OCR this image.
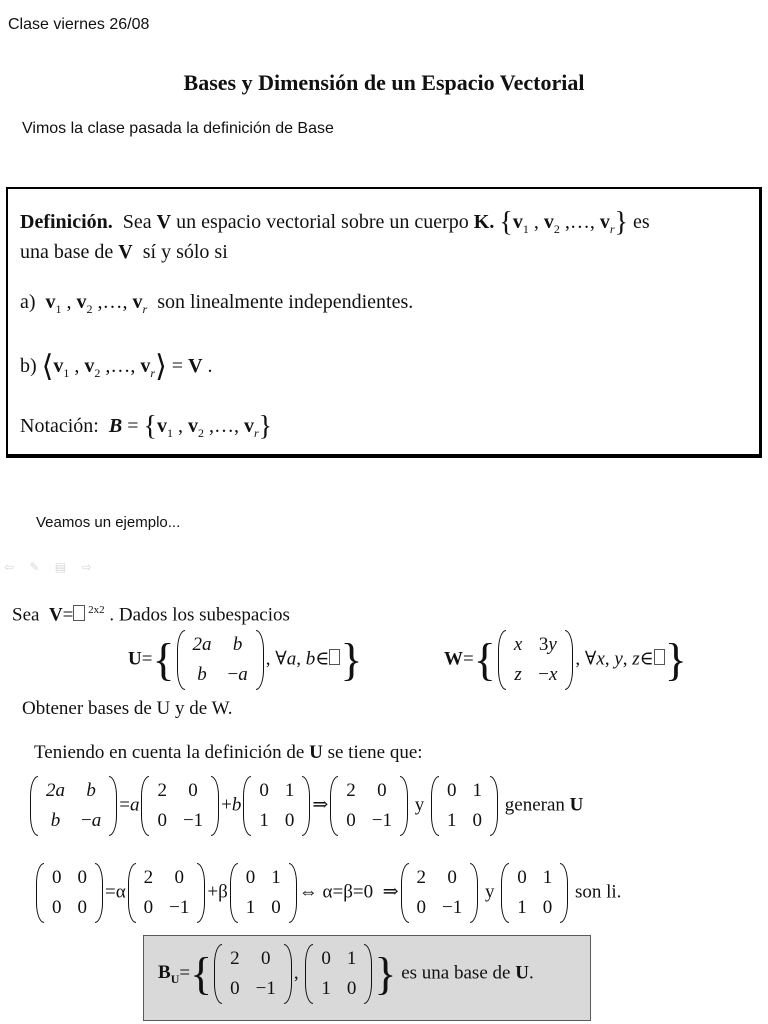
Clase viernes 26/08
Bases y Dimensión de un Espacio Vectorial
Vimos la clase pasada la definición de Base
Definición.  Sea V un espacio vectorial sobre un cuerpo K. {$v_1$ , $v_2$ ,…, $v_r$} es
una base de V  sí y sólo si
a)  $v_1$ , $v_2$ ,…, $v_r$ son linealmente independientes.
b) $⟨v_1$ , $v_2$ ,…, $v_r⟩ = V$ .
Notación: $B = \{v_1$ , $v_2$ ,…, $v_r$}
Veamos un ejemplo...
⇦ ✎ ▤ ⇨
Sea  V= $^{2x2}$ . Dados los subespacios
U={ 2a	b
b	−a
, ∀a, b∈ }	W={ x	3y
z	−x
, ∀x, y, z∈ }
Obtener bases de U y de W.
Teniendo en cuenta la definición de U se tiene que:
2a	b
b	−a
=a
2	0
0	−1
+b
0	1
1	0
⇒
2	0
0	−1
y
0	1
1	0
generan U
0	0
0	0
=α
2	0
0	−1
+β
0	1
1	0
⇔ α=β=0  ⇒
2	0
0	−1
y
0	1
1	0
son li.
$B_U=${ 2	0
0	−1
,
0	1
1	0 } es una base de U.
